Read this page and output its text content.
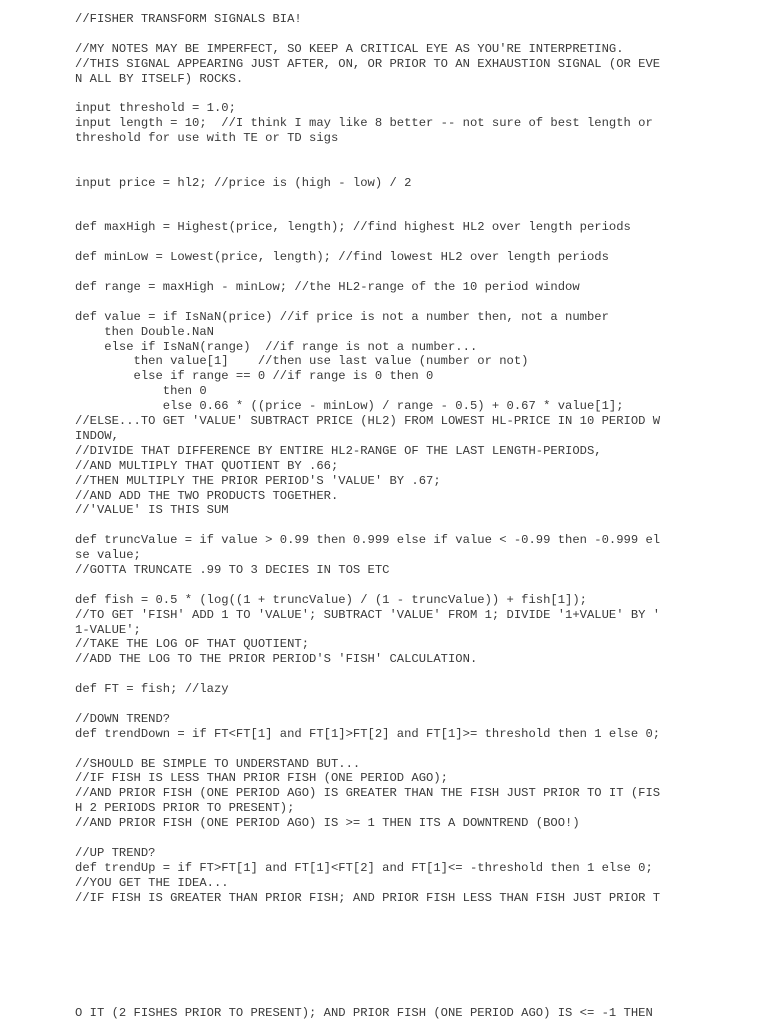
//FISHER TRANSFORM SIGNALS BIA!
//MY NOTES MAY BE IMPERFECT, SO KEEP A CRITICAL EYE AS YOU'RE INTERPRETING.
//THIS SIGNAL APPEARING JUST AFTER, ON, OR PRIOR TO AN EXHAUSTION SIGNAL (OR EVE
N ALL BY ITSELF) ROCKS.
input threshold = 1.0;
input length = 10;  //I think I may like 8 better -- not sure of best length or
threshold for use with TE or TD sigs
input price = hl2; //price is (high - low) / 2
def maxHigh = Highest(price, length); //find highest HL2 over length periods
def minLow = Lowest(price, length); //find lowest HL2 over length periods
def range = maxHigh - minLow; //the HL2-range of the 10 period window
def value = if IsNaN(price) //if price is not a number then, not a number
then Double.NaN
else if IsNaN(range)  //if range is not a number...
then value[1]    //then use last value (number or not)
else if range == 0 //if range is 0 then 0
then 0
else 0.66 * ((price - minLow) / range - 0.5) + 0.67 * value[1];
//ELSE...TO GET 'VALUE' SUBTRACT PRICE (HL2) FROM LOWEST HL-PRICE IN 10 PERIOD W
INDOW,
//DIVIDE THAT DIFFERENCE BY ENTIRE HL2-RANGE OF THE LAST LENGTH-PERIODS,
//AND MULTIPLY THAT QUOTIENT BY .66;
//THEN MULTIPLY THE PRIOR PERIOD'S 'VALUE' BY .67;
//AND ADD THE TWO PRODUCTS TOGETHER.
//'VALUE' IS THIS SUM
def truncValue = if value > 0.99 then 0.999 else if value < -0.99 then -0.999 el
se value;
//GOTTA TRUNCATE .99 TO 3 DECIES IN TOS ETC
def fish = 0.5 * (log((1 + truncValue) / (1 - truncValue)) + fish[1]);
//TO GET 'FISH' ADD 1 TO 'VALUE'; SUBTRACT 'VALUE' FROM 1; DIVIDE '1+VALUE' BY '
1-VALUE';
//TAKE THE LOG OF THAT QUOTIENT;
//ADD THE LOG TO THE PRIOR PERIOD'S 'FISH' CALCULATION.
def FT = fish; //lazy
//DOWN TREND?
def trendDown = if FT<FT[1] and FT[1]>FT[2] and FT[1]>= threshold then 1 else 0;
//SHOULD BE SIMPLE TO UNDERSTAND BUT...
//IF FISH IS LESS THAN PRIOR FISH (ONE PERIOD AGO);
//AND PRIOR FISH (ONE PERIOD AGO) IS GREATER THAN THE FISH JUST PRIOR TO IT (FIS
H 2 PERIODS PRIOR TO PRESENT);
//AND PRIOR FISH (ONE PERIOD AGO) IS >= 1 THEN ITS A DOWNTREND (BOO!)
//UP TREND?
def trendUp = if FT>FT[1] and FT[1]<FT[2] and FT[1]<= -threshold then 1 else 0;
//YOU GET THE IDEA...
//IF FISH IS GREATER THAN PRIOR FISH; AND PRIOR FISH LESS THAN FISH JUST PRIOR T
O IT (2 FISHES PRIOR TO PRESENT); AND PRIOR FISH (ONE PERIOD AGO) IS <= -1 THEN
